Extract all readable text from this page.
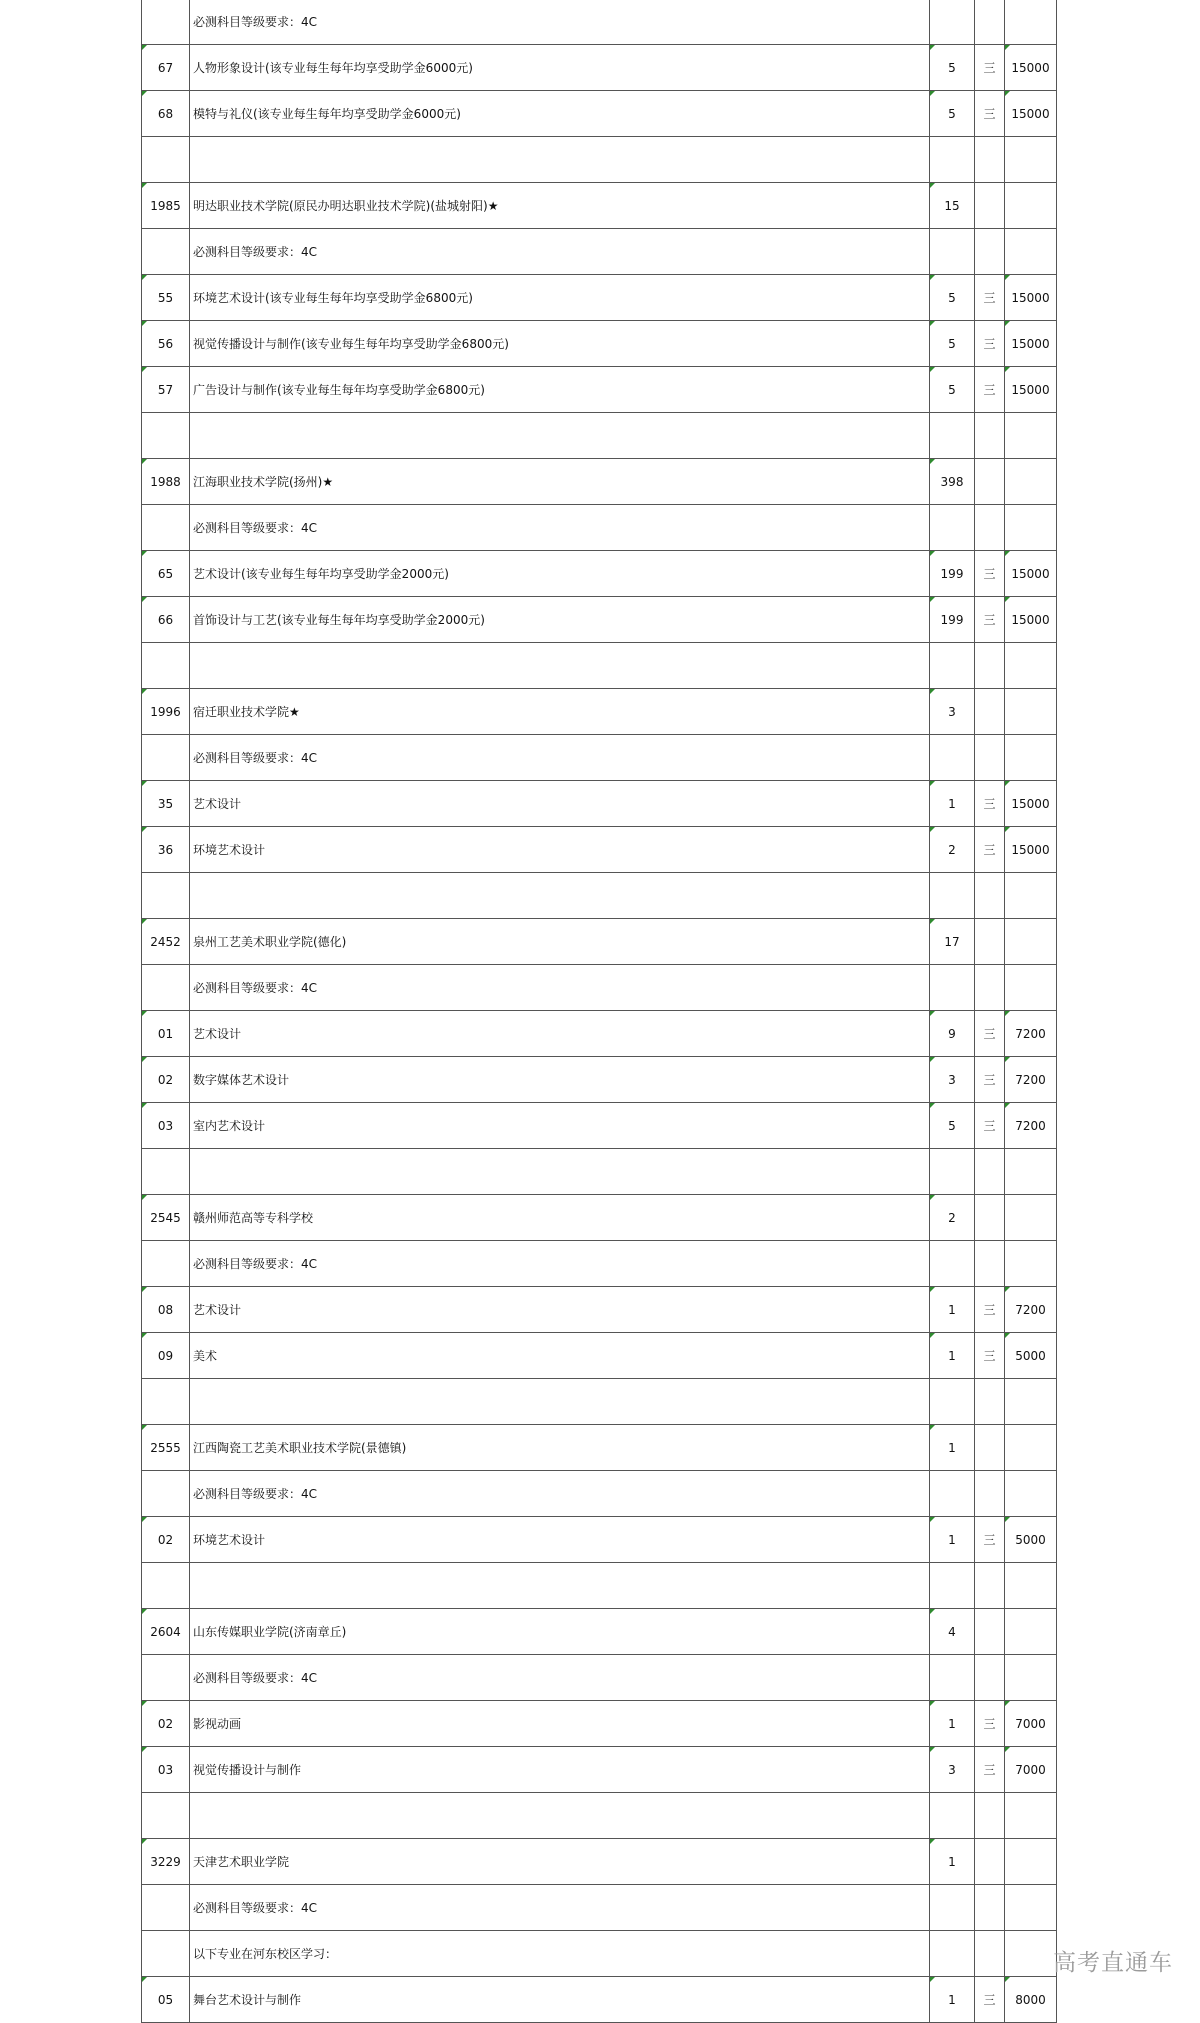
	必测科目等级要求：4C			
67	人物形象设计(该专业每生每年均享受助学金6000元)	5	三	15000
68	模特与礼仪(该专业每生每年均享受助学金6000元)	5	三	15000

1985	明达职业技术学院(原民办明达职业技术学院)(盐城射阳)★	15		
	必测科目等级要求：4C			
55	环境艺术设计(该专业每生每年均享受助学金6800元)	5	三	15000
56	视觉传播设计与制作(该专业每生每年均享受助学金6800元)	5	三	15000
57	广告设计与制作(该专业每生每年均享受助学金6800元)	5	三	15000

1988	江海职业技术学院(扬州)★	398		
	必测科目等级要求：4C			
65	艺术设计(该专业每生每年均享受助学金2000元)	199	三	15000
66	首饰设计与工艺(该专业每生每年均享受助学金2000元)	199	三	15000

1996	宿迁职业技术学院★	3		
	必测科目等级要求：4C			
35	艺术设计	1	三	15000
36	环境艺术设计	2	三	15000

2452	泉州工艺美术职业学院(德化)	17		
	必测科目等级要求：4C			
01	艺术设计	9	三	7200
02	数字媒体艺术设计	3	三	7200
03	室内艺术设计	5	三	7200

2545	赣州师范高等专科学校	2		
	必测科目等级要求：4C			
08	艺术设计	1	三	7200
09	美术	1	三	5000

2555	江西陶瓷工艺美术职业技术学院(景德镇)	1		
	必测科目等级要求：4C			
02	环境艺术设计	1	三	5000

2604	山东传媒职业学院(济南章丘)	4		
	必测科目等级要求：4C			
02	影视动画	1	三	7000
03	视觉传播设计与制作	3	三	7000

3229	天津艺术职业学院	1		
	必测科目等级要求：4C			
	以下专业在河东校区学习：			
05	舞台艺术设计与制作	1	三	8000
高考直通车
